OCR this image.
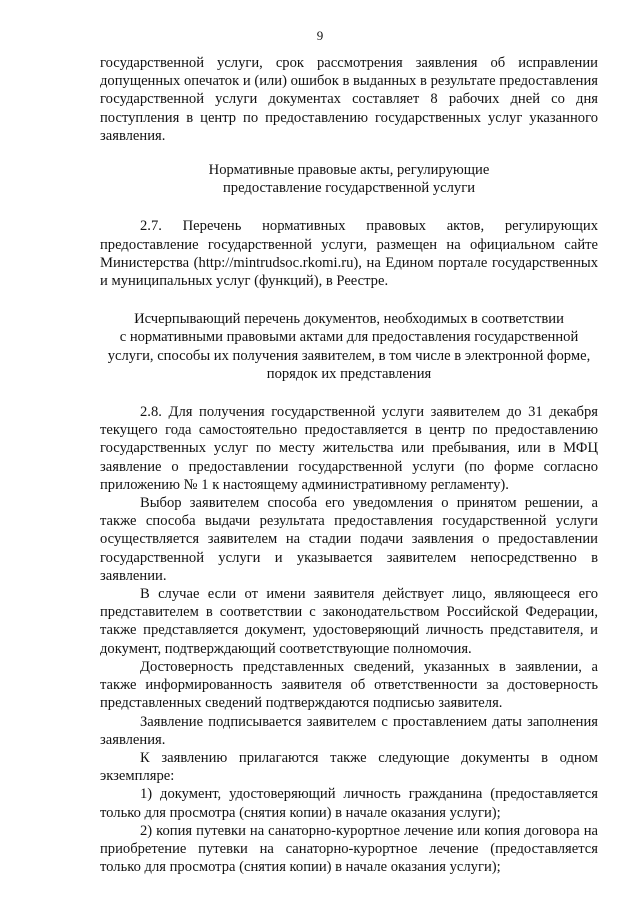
9

государственной услуги, срок рассмотрения заявления об исправлении допущенных опечаток и (или) ошибок в выданных в результате предоставления государственной услуги документах составляет 8 рабочих дней со дня поступления в центр по предоставлению государственных услуг указанного заявления.

Нормативные правовые акты, регулирующие

предоставление государственной услуги

2.7. Перечень нормативных правовых актов, регулирующих предоставление государственной услуги, размещен на официальном сайте Министерства (http://mintrudsoc.rkomi.ru), на Едином портале государственных и муниципальных услуг (функций), в Реестре.

Исчерпывающий перечень документов, необходимых в соответствии

с нормативными правовыми актами для предоставления государственной

услуги, способы их получения заявителем, в том числе в электронной форме,

порядок их представления

2.8. Для получения государственной услуги заявителем до 31 декабря текущего года самостоятельно предоставляется в центр по предоставлению государственных услуг по месту жительства или пребывания, или в МФЦ заявление о предоставлении государственной услуги (по форме согласно приложению № 1 к настоящему административному регламенту).

Выбор заявителем способа его уведомления о принятом решении, а также способа выдачи результата предоставления государственной услуги осуществляется заявителем на стадии подачи заявления о предоставлении государственной услуги и указывается заявителем непосредственно в заявлении.

В случае если от имени заявителя действует лицо, являющееся его представителем в соответствии с законодательством Российской Федерации, также представляется документ, удостоверяющий личность представителя, и документ, подтверждающий соответствующие полномочия.

Достоверность представленных сведений, указанных в заявлении, а также информированность заявителя об ответственности за достоверность представленных сведений подтверждаются подписью заявителя.

Заявление подписывается заявителем с проставлением даты заполнения заявления.

К заявлению прилагаются также следующие документы в одном экземпляре:

1) документ, удостоверяющий личность гражданина (предоставляется только для просмотра (снятия копии) в начале оказания услуги);

2) копия путевки на санаторно-курортное лечение или копия договора на приобретение путевки на санаторно-курортное лечение (предоставляется только для просмотра (снятия копии) в начале оказания услуги);
